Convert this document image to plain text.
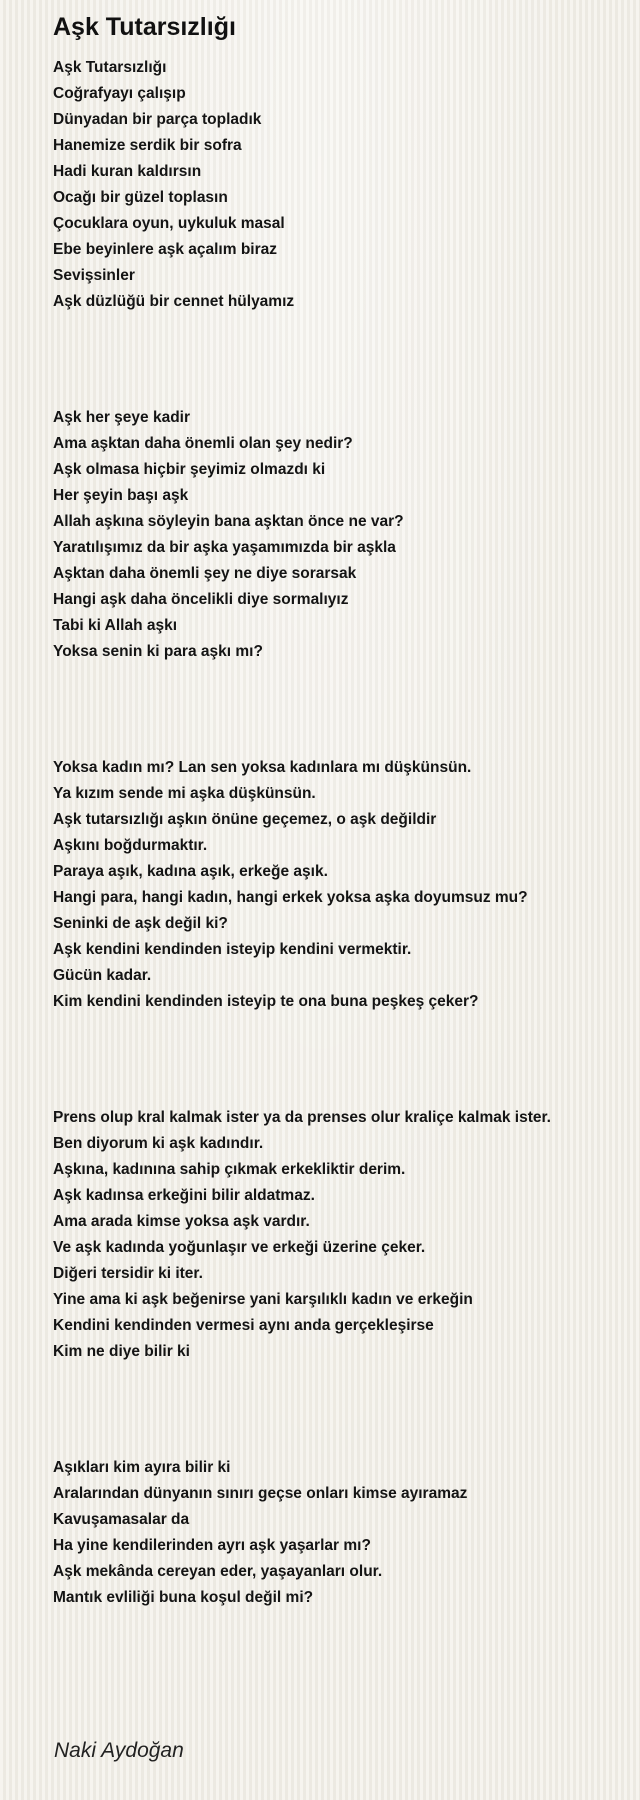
Aşk Tutarsızlığı
Aşk Tutarsızlığı
Coğrafyayı çalışıp
Dünyadan bir parça topladık
Hanemize serdik bir sofra
Hadi kuran kaldırsın
Ocağı bir güzel toplasın
Çocuklara oyun, uykuluk masal
Ebe beyinlere aşk açalım biraz
Sevişsinler
Aşk düzlüğü bir cennet hülyamız
Aşk her şeye kadir
Ama aşktan daha önemli olan şey nedir?
Aşk olmasa hiçbir şeyimiz olmazdı ki
Her şeyin başı aşk
Allah aşkına söyleyin bana aşktan önce ne var?
Yaratılışımız da bir aşka yaşamımızda bir aşkla
Aşktan daha önemli şey ne diye sorarsak
Hangi aşk daha öncelikli diye sormalıyız
Tabi ki Allah aşkı
Yoksa senin ki para aşkı mı?
Yoksa kadın mı? Lan sen yoksa kadınlara mı düşkünsün.
Ya kızım sende mi aşka düşkünsün.
Aşk tutarsızlığı aşkın önüne geçemez, o aşk değildir
Aşkını boğdurmaktır.
Paraya aşık, kadına aşık, erkeğe aşık.
Hangi para, hangi kadın, hangi erkek yoksa aşka doyumsuz mu?
Seninki de aşk değil ki?
Aşk kendini kendinden isteyip kendini vermektir.
Gücün kadar.
Kim kendini kendinden isteyip te ona buna peşkeş çeker?
Prens olup kral kalmak ister ya da prenses olur kraliçe kalmak ister.
Ben diyorum ki aşk kadındır.
Aşkına, kadınına sahip çıkmak erkekliktir derim.
Aşk kadınsa erkeğini bilir aldatmaz.
Ama arada kimse yoksa aşk vardır.
Ve aşk kadında yoğunlaşır ve erkeği üzerine çeker.
Diğeri tersidir ki iter.
Yine ama ki aşk beğenirse yani karşılıklı kadın ve erkeğin
Kendini kendinden vermesi aynı anda gerçekleşirse
Kim ne diye bilir ki
Aşıkları kim ayıra bilir ki
Aralarından dünyanın sınırı geçse onları kimse ayıramaz
Kavuşamasalar da
Ha yine kendilerinden ayrı aşk yaşarlar mı?
Aşk mekânda cereyan eder, yaşayanları olur.
Mantık evliliği buna koşul değil mi?
Naki Aydoğan
